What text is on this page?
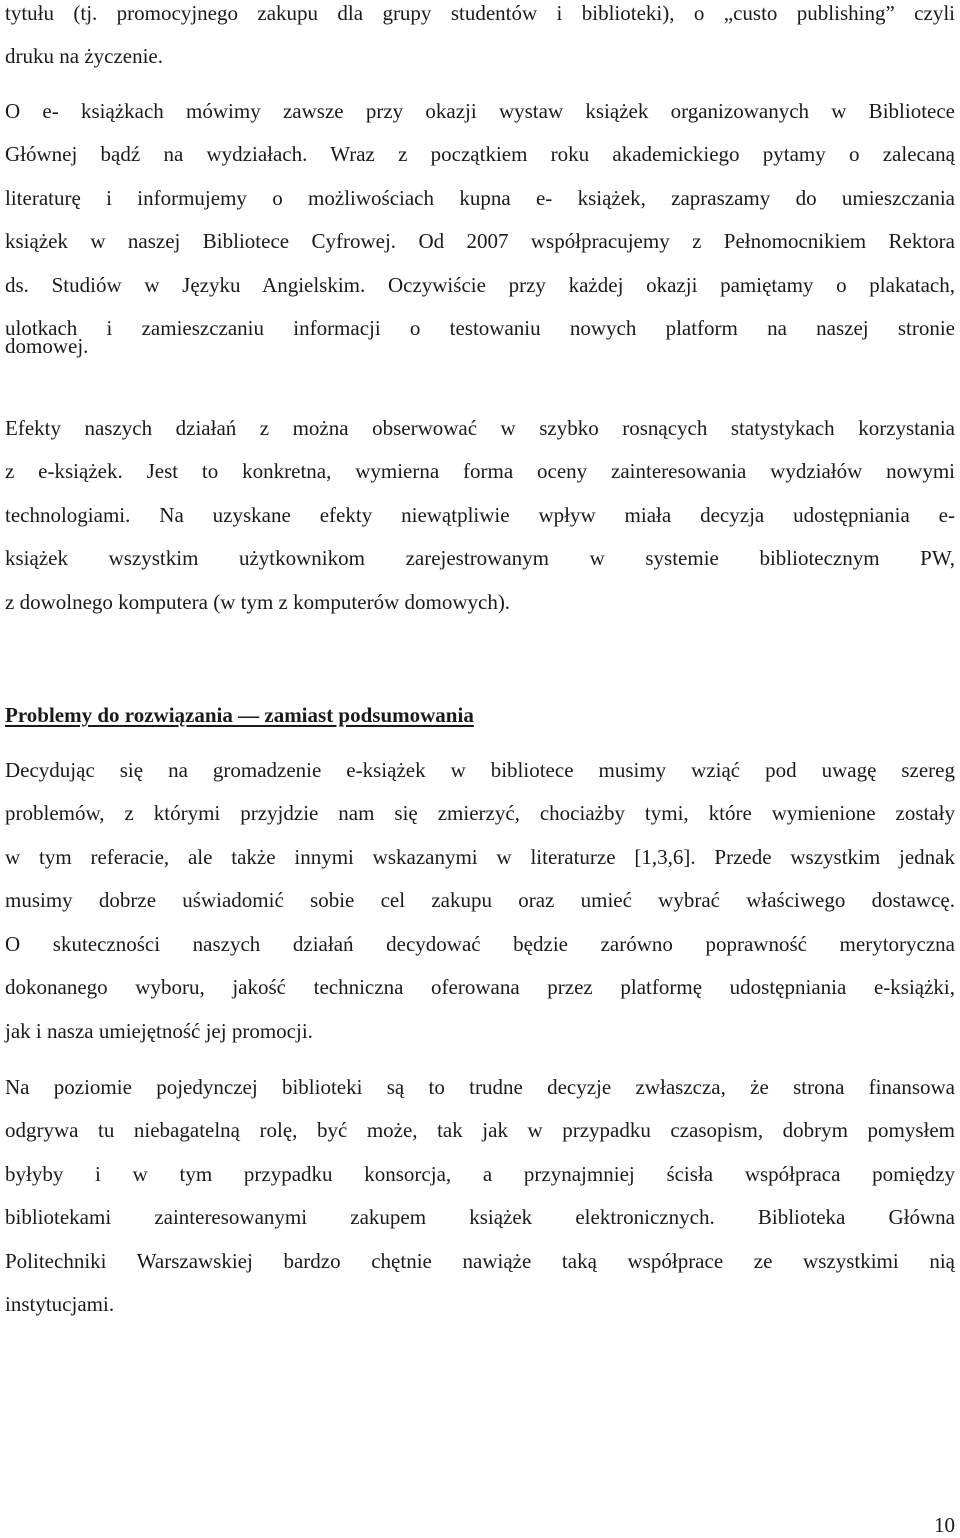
tytułu (tj. promocyjnego zakupu dla grupy studentów i biblioteki), o „custo publishing” czyli
druku na życzenie.
O e- książkach mówimy zawsze przy okazji wystaw książek organizowanych w Bibliotece
Głównej bądź na wydziałach. Wraz z początkiem roku akademickiego pytamy o zalecaną
literaturę i informujemy o możliwościach kupna e- książek, zapraszamy do umieszczania
książek w naszej Bibliotece Cyfrowej. Od 2007 współpracujemy z Pełnomocnikiem Rektora
ds. Studiów w Języku Angielskim. Oczywiście przy każdej okazji pamiętamy o plakatach,
ulotkach i zamieszczaniu informacji o testowaniu nowych platform na naszej stronie
domowej.
Efekty naszych działań z można obserwować w szybko rosnących statystykach korzystania
z e-książek. Jest to konkretna, wymierna forma oceny zainteresowania wydziałów nowymi
technologiami. Na uzyskane efekty niewątpliwie wpływ miała decyzja udostępniania e-
książek wszystkim użytkownikom zarejestrowanym w systemie bibliotecznym PW,
z dowolnego komputera (w tym z komputerów domowych).
Problemy do rozwiązania — zamiast podsumowania
Decydując się na gromadzenie e-książek w bibliotece musimy wziąć pod uwagę szereg
problemów, z którymi przyjdzie nam się zmierzyć, chociażby tymi, które wymienione zostały
w tym referacie, ale także innymi wskazanymi w literaturze [1,3,6]. Przede wszystkim jednak
musimy dobrze uświadomić sobie cel zakupu oraz umieć wybrać właściwego dostawcę.
O skuteczności naszych działań decydować będzie zarówno poprawność merytoryczna
dokonanego wyboru, jakość techniczna oferowana przez platformę udostępniania e-książki,
jak i nasza umiejętność jej promocji.
Na poziomie pojedynczej biblioteki są to trudne decyzje zwłaszcza, że strona finansowa
odgrywa tu niebagatelną rolę, być może, tak jak w przypadku czasopism, dobrym pomysłem
byłyby i w tym przypadku konsorcja, a przynajmniej ścisła współpraca pomiędzy
bibliotekami zainteresowanymi zakupem książek elektronicznych. Biblioteka Główna
Politechniki Warszawskiej bardzo chętnie nawiąże taką współprace ze wszystkimi nią
instytucjami.
10
